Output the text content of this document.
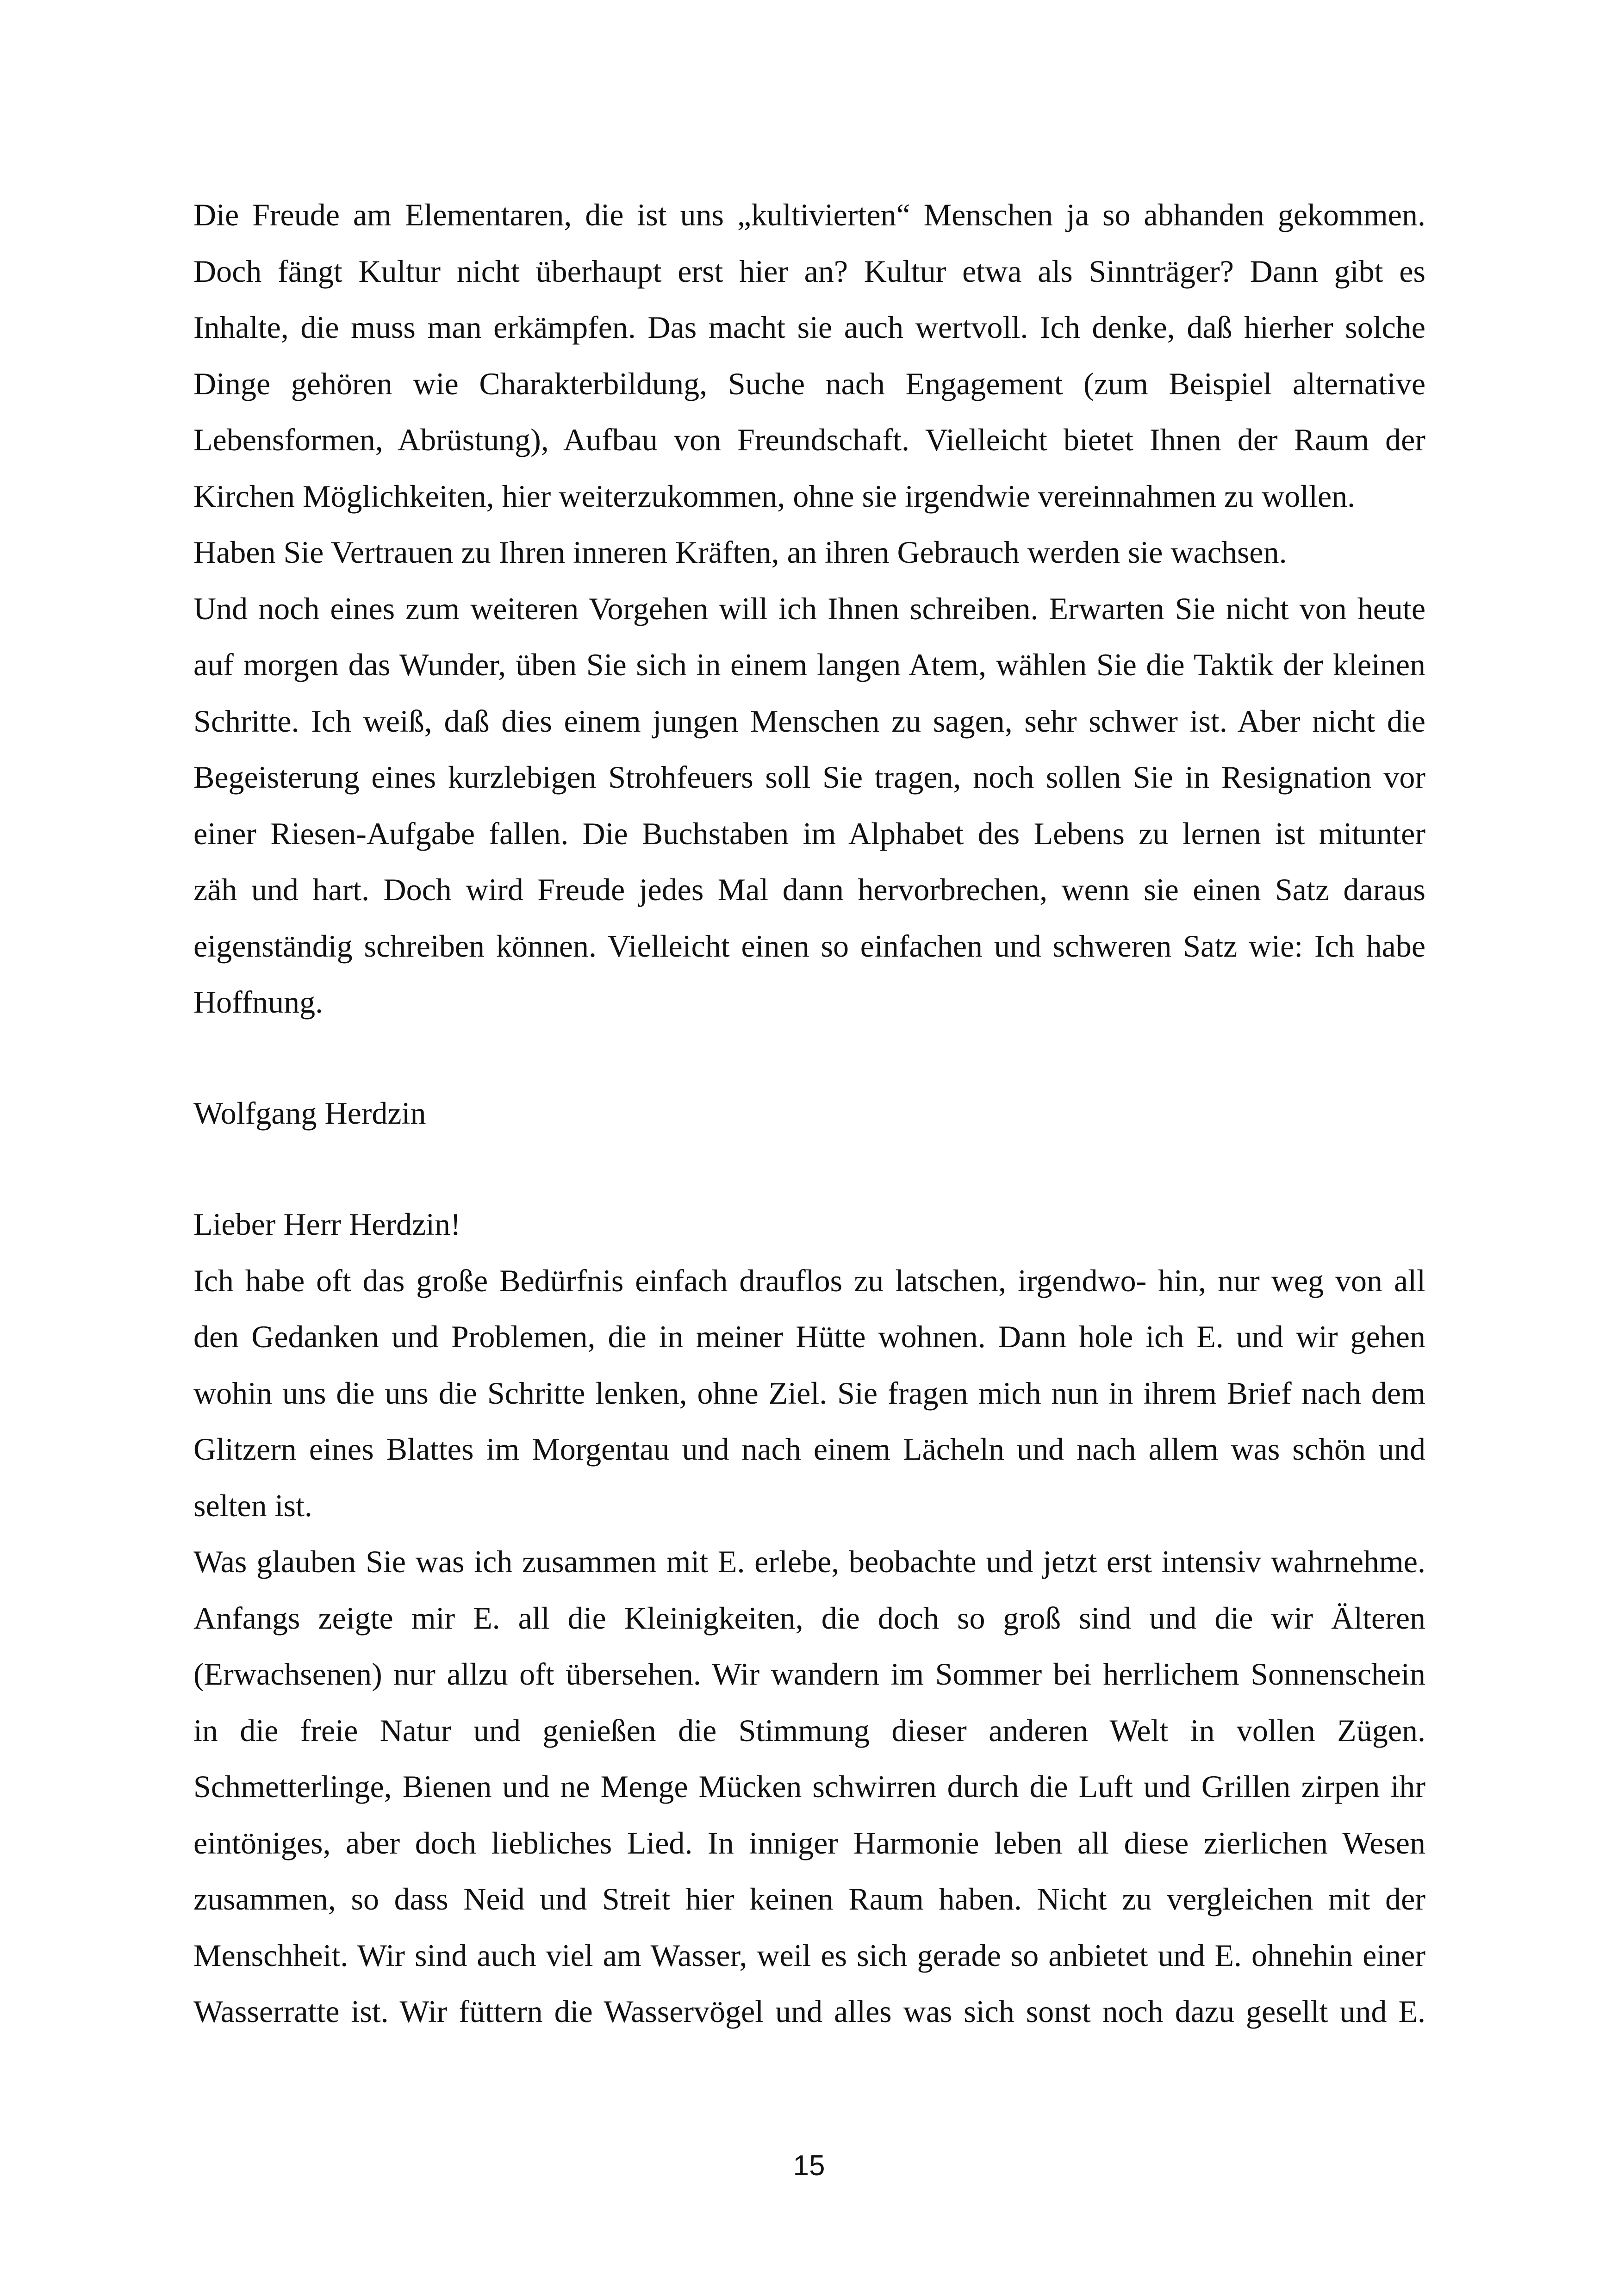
Die Freude am Elementaren, die ist uns „kultivierten“ Menschen ja so abhanden gekommen.
Doch fängt Kultur nicht überhaupt erst hier an? Kultur etwa als Sinnträger? Dann gibt es
Inhalte, die muss man erkämpfen. Das macht sie auch wertvoll. Ich denke, daß hierher solche
Dinge gehören wie Charakterbildung, Suche nach Engagement (zum Beispiel alternative
Lebensformen, Abrüstung), Aufbau von Freundschaft. Vielleicht bietet Ihnen der Raum der
Kirchen Möglichkeiten, hier weiterzukommen, ohne sie irgendwie vereinnahmen zu wollen.
Haben Sie Vertrauen zu Ihren inneren Kräften, an ihren Gebrauch werden sie wachsen.
Und noch eines zum weiteren Vorgehen will ich Ihnen schreiben. Erwarten Sie nicht von heute
auf morgen das Wunder, üben Sie sich in einem langen Atem, wählen Sie die Taktik der kleinen
Schritte. Ich weiß, daß dies einem jungen Menschen zu sagen, sehr schwer ist. Aber nicht die
Begeisterung eines kurzlebigen Strohfeuers soll Sie tragen, noch sollen Sie in Resignation vor
einer Riesen-Aufgabe fallen. Die Buchstaben im Alphabet des Lebens zu lernen ist mitunter
zäh und hart. Doch wird Freude jedes Mal dann hervorbrechen, wenn sie einen Satz daraus
eigenständig schreiben können. Vielleicht einen so einfachen und schweren Satz wie: Ich habe
Hoffnung.
Wolfgang Herdzin
Lieber Herr Herdzin!
Ich habe oft das große Bedürfnis einfach drauflos zu latschen, irgendwo- hin, nur weg von all
den Gedanken und Problemen, die in meiner Hütte wohnen. Dann hole ich E. und wir gehen
wohin uns die uns die Schritte lenken, ohne Ziel. Sie fragen mich nun in ihrem Brief nach dem
Glitzern eines Blattes im Morgentau und nach einem Lächeln und nach allem was schön und
selten ist.
Was glauben Sie was ich zusammen mit E. erlebe, beobachte und jetzt erst intensiv wahrnehme.
Anfangs zeigte mir E. all die Kleinigkeiten, die doch so groß sind und die wir Älteren
(Erwachsenen) nur allzu oft übersehen. Wir wandern im Sommer bei herrlichem Sonnenschein
in die freie Natur und genießen die Stimmung dieser anderen Welt in vollen Zügen.
Schmetterlinge, Bienen und ne Menge Mücken schwirren durch die Luft und Grillen zirpen ihr
eintöniges, aber doch liebliches Lied. In inniger Harmonie leben all diese zierlichen Wesen
zusammen, so dass Neid und Streit hier keinen Raum haben. Nicht zu vergleichen mit der
Menschheit. Wir sind auch viel am Wasser, weil es sich gerade so anbietet und E. ohnehin einer
Wasserratte ist. Wir füttern die Wasservögel und alles was sich sonst noch dazu gesellt und E.
15
